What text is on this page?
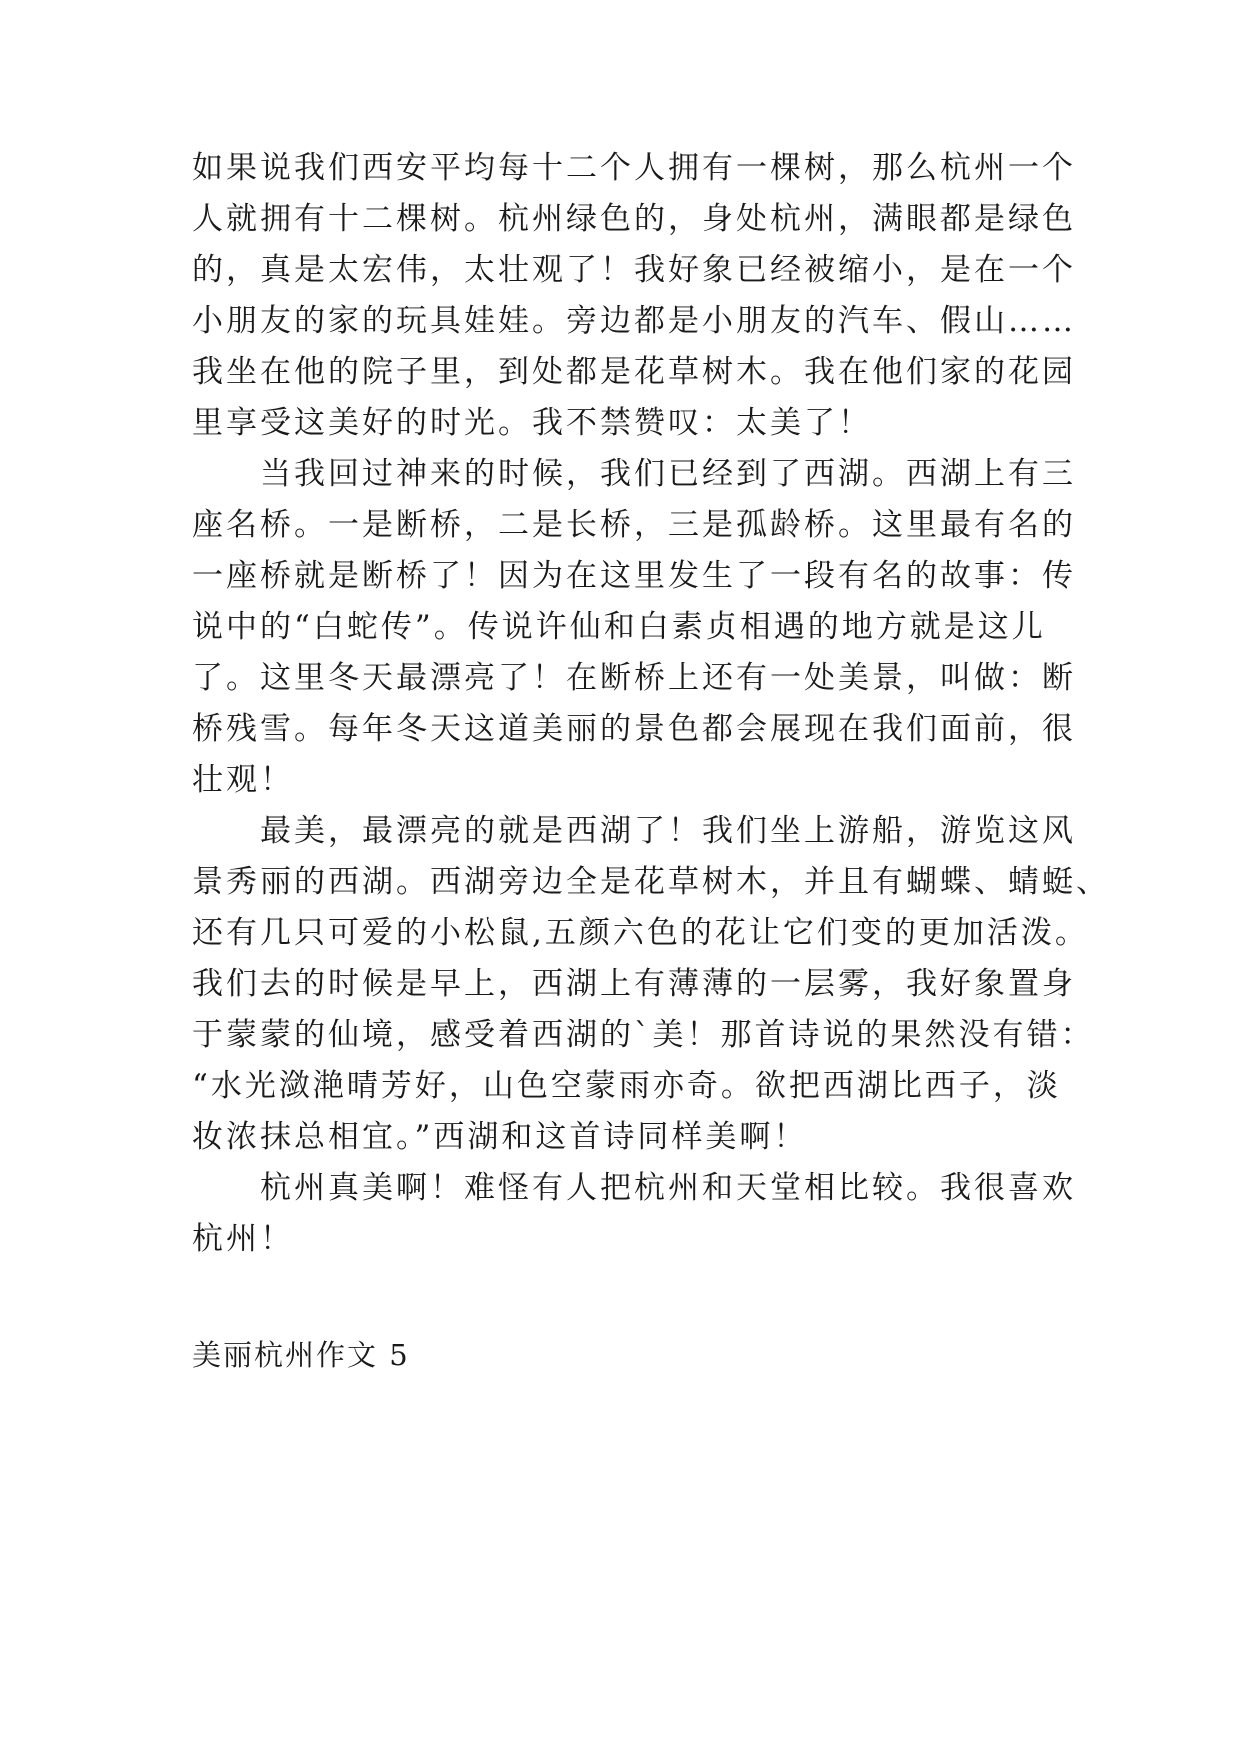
如果说我们西安平均每十二个人拥有一棵树，那么杭州一个
人就拥有十二棵树。杭州绿色的，身处杭州，满眼都是绿色
的，真是太宏伟，太壮观了！我好象已经被缩小，是在一个
小朋友的家的玩具娃娃。旁边都是小朋友的汽车、假山……
我坐在他的院子里，到处都是花草树木。我在他们家的花园
里享受这美好的时光。我不禁赞叹：太美了！
　　当我回过神来的时候，我们已经到了西湖。西湖上有三
座名桥。一是断桥，二是长桥，三是孤龄桥。这里最有名的
一座桥就是断桥了！因为在这里发生了一段有名的故事：传
说中的“白蛇传”。传说许仙和白素贞相遇的地方就是这儿
了。这里冬天最漂亮了！在断桥上还有一处美景，叫做：断
桥残雪。每年冬天这道美丽的景色都会展现在我们面前，很
壮观！
　　最美，最漂亮的就是西湖了！我们坐上游船，游览这风
景秀丽的西湖。西湖旁边全是花草树木，并且有蝴蝶、蜻蜓、
还有几只可爱的小松鼠,五颜六色的花让它们变的更加活泼。
我们去的时候是早上，西湖上有薄薄的一层雾，我好象置身
于蒙蒙的仙境，感受着西湖的`美！那首诗说的果然没有错：
“水光潋滟晴芳好，山色空蒙雨亦奇。欲把西湖比西子，淡
妆浓抹总相宜。”西湖和这首诗同样美啊！
　　杭州真美啊！难怪有人把杭州和天堂相比较。我很喜欢
杭州！
美丽杭州作文 5
